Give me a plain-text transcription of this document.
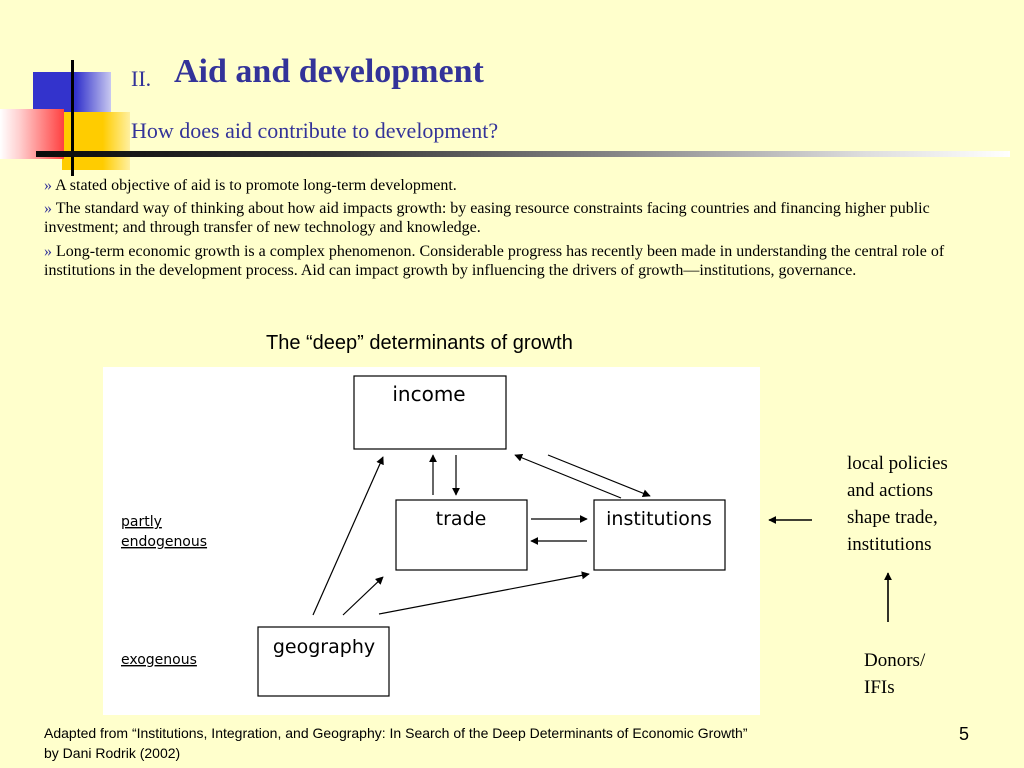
II. Aid and development
How does aid contribute to development?
» A stated objective of aid is to promote long-term development.
» The standard way of thinking about how aid impacts growth: by easing resource constraints facing countries and financing higher public investment; and through transfer of new technology and knowledge.
» Long-term economic growth is a complex phenomenon. Considerable progress has recently been made in understanding the central role of institutions in the development process. Aid can impact growth by influencing the drivers of growth—institutions, governance.
The “deep” determinants of growth
income
trade	institutions
geography
partly
endogenous
exogenous
local policies
and actions
shape trade,
institutions
Donors/
IFIs
Adapted from “Institutions, Integration, and Geography: In Search of the Deep Determinants of Economic Growth”
by Dani Rodrik (2002)
5
